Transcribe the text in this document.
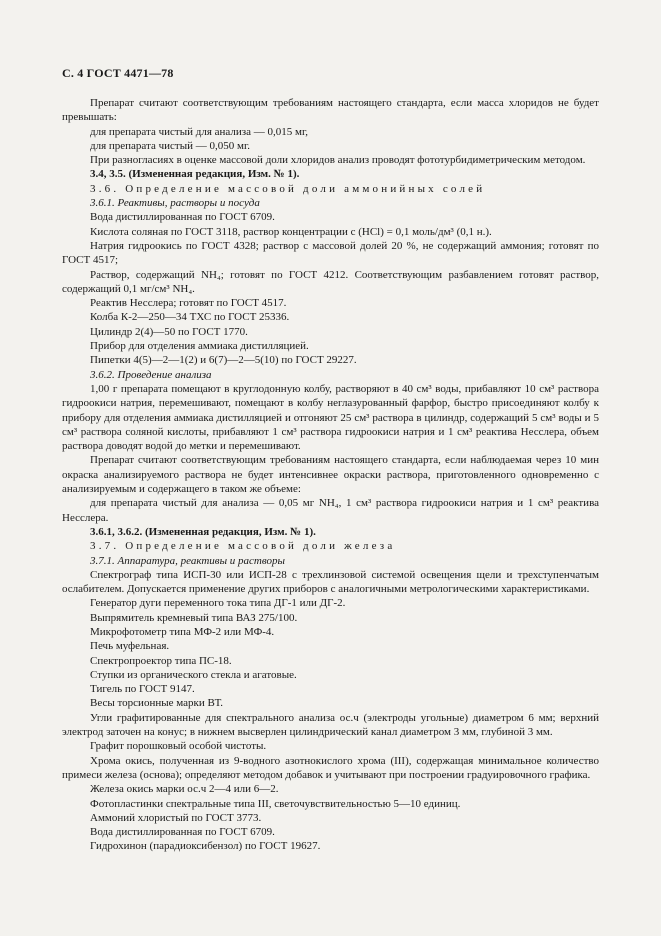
С. 4 ГОСТ 4471—78

Препарат считают соответствующим требованиям настоящего стандарта, если масса хлоридов не будет превышать:

для препарата чистый для анализа — 0,015 мг,

для препарата чистый — 0,050 мг.

При разногласиях в оценке массовой доли хлоридов анализ проводят фототурбидиметрическим методом.

3.4, 3.5. (Измененная редакция, Изм. № 1).

3.6. Определение массовой доли аммонийных солей

3.6.1. Реактивы, растворы и посуда

Вода дистиллированная по ГОСТ 6709.

Кислота соляная по ГОСТ 3118, раствор концентрации c (HCl) = 0,1 моль/дм³ (0,1 н.).

Натрия гидроокись по ГОСТ 4328; раствор с массовой долей 20 %, не содержащий аммония; готовят по ГОСТ 4517;

Раствор, содержащий NH₄; готовят по ГОСТ 4212. Соответствующим разбавлением готовят раствор, содержащий 0,1 мг/см³ NH₄.

Реактив Несслера; готовят по ГОСТ 4517.

Колба К-2—250—34 ТХС по ГОСТ 25336.

Цилиндр 2(4)—50 по ГОСТ 1770.

Прибор для отделения аммиака дистилляцией.

Пипетки 4(5)—2—1(2) и 6(7)—2—5(10) по ГОСТ 29227.

3.6.2. Проведение анализа

1,00 г препарата помещают в круглодонную колбу, растворяют в 40 см³ воды, прибавляют 10 см³ раствора гидроокиси натрия, перемешивают, помещают в колбу неглазурованный фарфор, быстро присоединяют колбу к прибору для отделения аммиака дистилляцией и отгоняют 25 см³ раствора в цилиндр, содержащий 5 см³ воды и 5 см³ раствора соляной кислоты, прибавляют 1 см³ раствора гидроокиси натрия и 1 см³ реактива Несслера, объем раствора доводят водой до метки и перемешивают.

Препарат считают соответствующим требованиям настоящего стандарта, если наблюдаемая через 10 мин окраска анализируемого раствора не будет интенсивнее окраски раствора, приготовленного одновременно с анализируемым и содержащего в таком же объеме:

для препарата чистый для анализа — 0,05 мг NH₄, 1 см³ раствора гидроокиси натрия и 1 см³ реактива Несслера.

3.6.1, 3.6.2. (Измененная редакция, Изм. № 1).

3.7. Определение массовой доли железа

3.7.1. Аппаратура, реактивы и растворы

Спектрограф типа ИСП-30 или ИСП-28 с трехлинзовой системой освещения щели и трехступенчатым ослабителем. Допускается применение других приборов с аналогичными метрологическими характеристиками.

Генератор дуги переменного тока типа ДГ-1 или ДГ-2.

Выпрямитель кремневый типа ВАЗ 275/100.

Микрофотометр типа МФ-2 или МФ-4.

Печь муфельная.

Спектропроектор типа ПС-18.

Ступки из органического стекла и агатовые.

Тигель по ГОСТ 9147.

Весы торсионные марки ВТ.

Угли графитированные для спектрального анализа ос.ч (электроды угольные) диаметром 6 мм; верхний электрод заточен на конус; в нижнем высверлен цилиндрический канал диаметром 3 мм, глубиной 3 мм.

Графит порошковый особой чистоты.

Хрома окись, полученная из 9-водного азотнокислого хрома (III), содержащая минимальное количество примеси железа (основа); определяют методом добавок и учитывают при построении градуировочного графика.

Железа окись марки ос.ч 2—4 или 6—2.

Фотопластинки спектральные типа III, светочувствительностью 5—10 единиц.

Аммоний хлористый по ГОСТ 3773.

Вода дистиллированная по ГОСТ 6709.

Гидрохинон (парадиоксибензол) по ГОСТ 19627.
